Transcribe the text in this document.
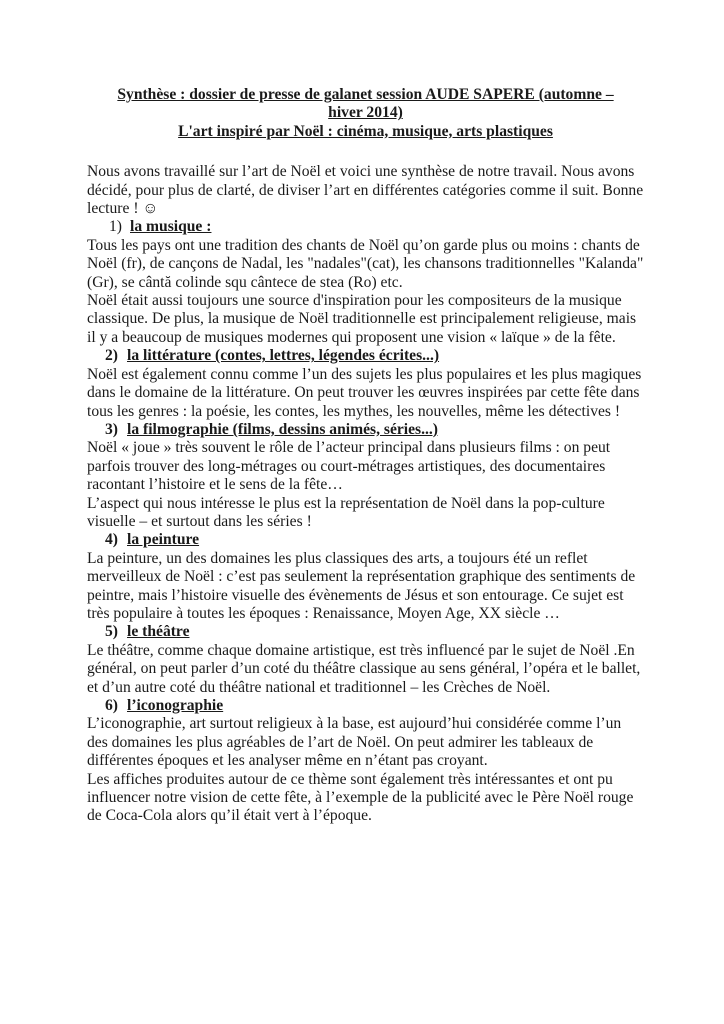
Synthèse : dossier de presse de galanet session AUDE SAPERE (automne –
hiver 2014)
L'art inspiré par Noël : cinéma, musique, arts plastiques

Nous avons travaillé sur l’art de Noël et voici une synthèse de notre travail. Nous avons décidé, pour plus de clarté, de diviser l’art en différentes catégories comme il suit. Bonne lecture ! ☺

1) la musique :

Tous les pays ont une tradition des chants de Noël qu’on garde plus ou moins : chants de Noël (fr), de cançons de Nadal, les "nadales"(cat), les chansons traditionnelles "Kalanda" (Gr), se cântă colinde squ cântece de stea (Ro) etc.

Noël était aussi toujours une source d'inspiration pour les compositeurs de la musique classique. De plus, la musique de Noël traditionnelle est principalement religieuse, mais il y a beaucoup de musiques modernes qui proposent une vision « laïque » de la fête.

2) la littérature (contes, lettres, légendes écrites...)

Noël est également connu comme l’un des sujets les plus populaires et les plus magiques dans le domaine de la littérature. On peut trouver les œuvres inspirées par cette fête dans tous les genres : la poésie, les contes, les mythes, les nouvelles, même les détectives !

3) la filmographie (films, dessins animés, séries...)

Noël « joue » très souvent le rôle de l’acteur principal dans plusieurs films : on peut parfois trouver des long-métrages ou court-métrages artistiques, des documentaires racontant l’histoire et le sens de la fête…

L’aspect qui nous intéresse le plus est la représentation de Noël dans la pop-culture visuelle – et surtout dans les séries !

4) la peinture

La peinture, un des domaines les plus classiques des arts, a toujours été un reflet merveilleux de Noël : c’est pas seulement la représentation graphique des sentiments de peintre, mais l’histoire visuelle des évènements de Jésus et son entourage. Ce sujet est très populaire à toutes les époques : Renaissance, Moyen Age, XX siècle …

5) le théâtre

Le théâtre, comme chaque domaine artistique, est très influencé par le sujet de Noël .En général, on peut parler d’un coté du théâtre classique au sens général, l’opéra et le ballet, et d’un autre coté du théâtre national et traditionnel – les Crèches de Noël.

6) l’iconographie

L’iconographie, art surtout religieux à la base, est aujourd’hui considérée comme l’un des domaines les plus agréables de l’art de Noël. On peut admirer les tableaux de différentes époques et les analyser même en n’étant pas croyant.

Les affiches produites autour de ce thème sont également très intéressantes et ont pu influencer notre vision de cette fête, à l’exemple de la publicité avec le Père Noël rouge de Coca-Cola alors qu’il était vert à l’époque.
